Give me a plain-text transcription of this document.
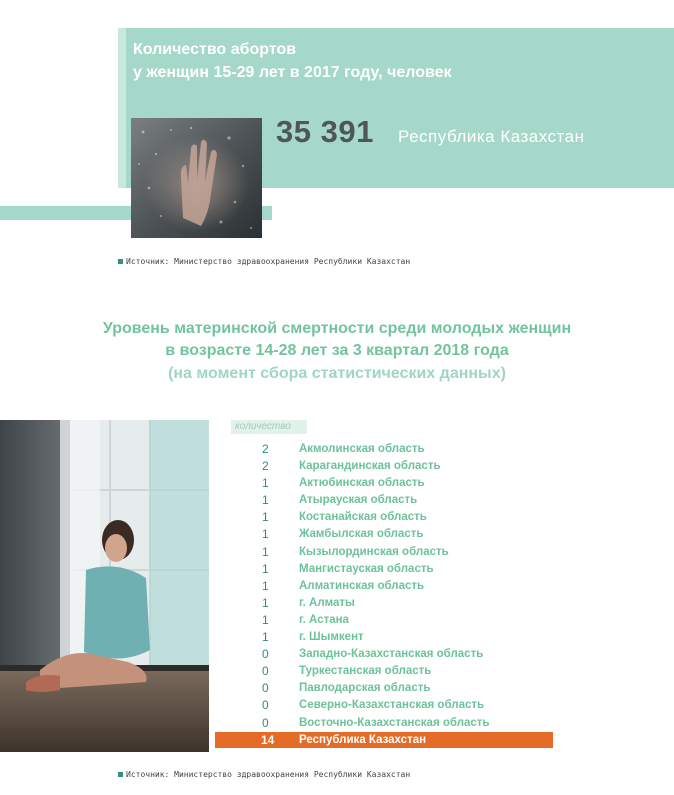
Количество абортов
у женщин 15-29 лет в 2017 году, человек
35 391 Республика Казахстан
Источник: Министерство здравоохранения Республики Казахстан
Уровень материнской смертности среди молодых женщин
в возрасте 14-28 лет за 3 квартал 2018 года
(на момент сбора статистических данных)
количество
2	Акмолинская область
2	Карагандинская область
1	Актюбинская область
1	Атырауская область
1	Костанайская область
1	Жамбылская область
1	Кызылординская область
1	Мангистауская область
1	Алматинская область
1	г. Алматы
1	г. Астана
1	г. Шымкент
0	Западно-Казахстанская область
0	Туркестанская область
0	Павлодарская область
0	Северно-Казахстанская область
0	Восточно-Казахстанская область
14 Республика Казахстан
Источник: Министерство здравоохранения Республики Казахстан
